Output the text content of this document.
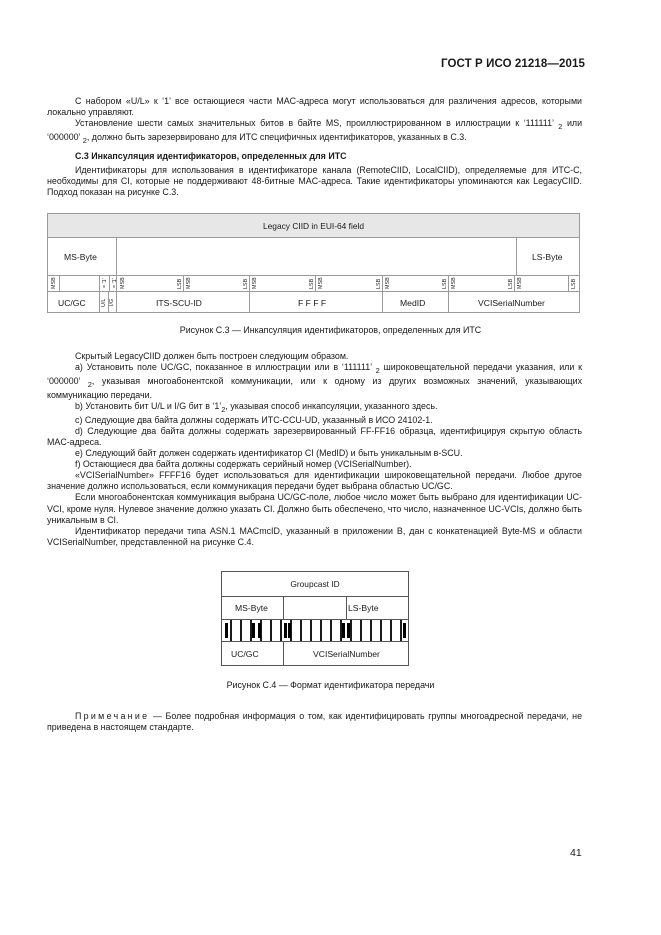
ГОСТ Р ИСО 21218—2015

С набором «U/L» к ‘1’ все остающиеся части MAC-адреса могут использоваться для различения адресов, которыми локально управляют.

Установление шести самых значительных битов в байте MS, проиллюстрированном в иллюстрации к ‘111111’ $_2$ или ‘000000’ $_2$, должно быть зарезервировано для ИТС специфичных идентификаторов, указанных в С.3.

С.3 Инкапсуляция идентификаторов, определенных для ИТС

Идентификаторы для использования в идентификаторе канала (RemoteCIID, LocalCIID), определяемые для ИТС-C, необходимы для CI, которые не поддерживают 48-битные MAC-адреса. Такие идентификаторы упоминаются как LegacyCIID. Подход показан на рисунке С.3.

Legacy CIID in EUI-64 field
MS-Byte	LS-Byte
MSB	= '1' = '1' MSB	LSB MSB	LSB MSB	LSB MSB	LSB MSB	LSB MSB	LSB MSB	LSB
UC/GC	U/L I/G	ITS-SCU-ID	F F F F	MedID	VCISerialNumber
Рисунок С.3 — Инкапсуляция идентификаторов, определенных для ИТС

Скрытый LegacyCIID должен быть построен следующим образом.

a) Установить поле UC/GC, показанное в иллюстрации или в ‘111111’ $_2$ широковещательной передачи указания, или к ‘000000’ $_2$, указывая многоабонентской коммуникации, или к одному из других возможных значений, указывающих коммуникацию передачи.

b) Установить бит U/L и I/G бит в ‘$1’_2$, указывая способ инкапсуляции, указанного здесь.

c) Следующие два байта должны содержать ИТС-CCU-UD, указанный в ИСО 24102-1.

d) Следующие два байта должны содержать зарезервированный FF-FF16 образца, идентифицируя скрытую область MAC-адреса.

e) Следующий байт должен содержать идентификатор CI (MedID) и быть уникальным в-SCU.

f) Остающиеся два байта должны содержать серийный номер (VCISerialNumber).

«VCISerialNumber» FFFF16 будет использоваться для идентификации широковещательной передачи. Любое другое значение должно использоваться, если коммуникация передачи будет выбрана областью UC/GC.

Если многоабонентская коммуникация выбрана UC/GC-поле, любое число может быть выбрано для идентификации UC-VCI, кроме нуля. Нулевое значение должно указать CI. Должно быть обеспечено, что число, назначенное UC-VCIs, должно быть уникальным в CI.

Идентификатор передачи типа ASN.1 MACmcID, указанный в приложении В, дан с конкатенацией Byte-MS и области VCISerialNumber, представленной на рисунке С.4.

Groupcast ID
MS-Byte	LS-Byte
UC/GC	VCISerialNumber
Рисунок С.4 — Формат идентификатора передачи

Примечание — Более подробная информация о том, как идентифицировать группы многоадресной передачи, не приведена в настоящем стандарте.

41
